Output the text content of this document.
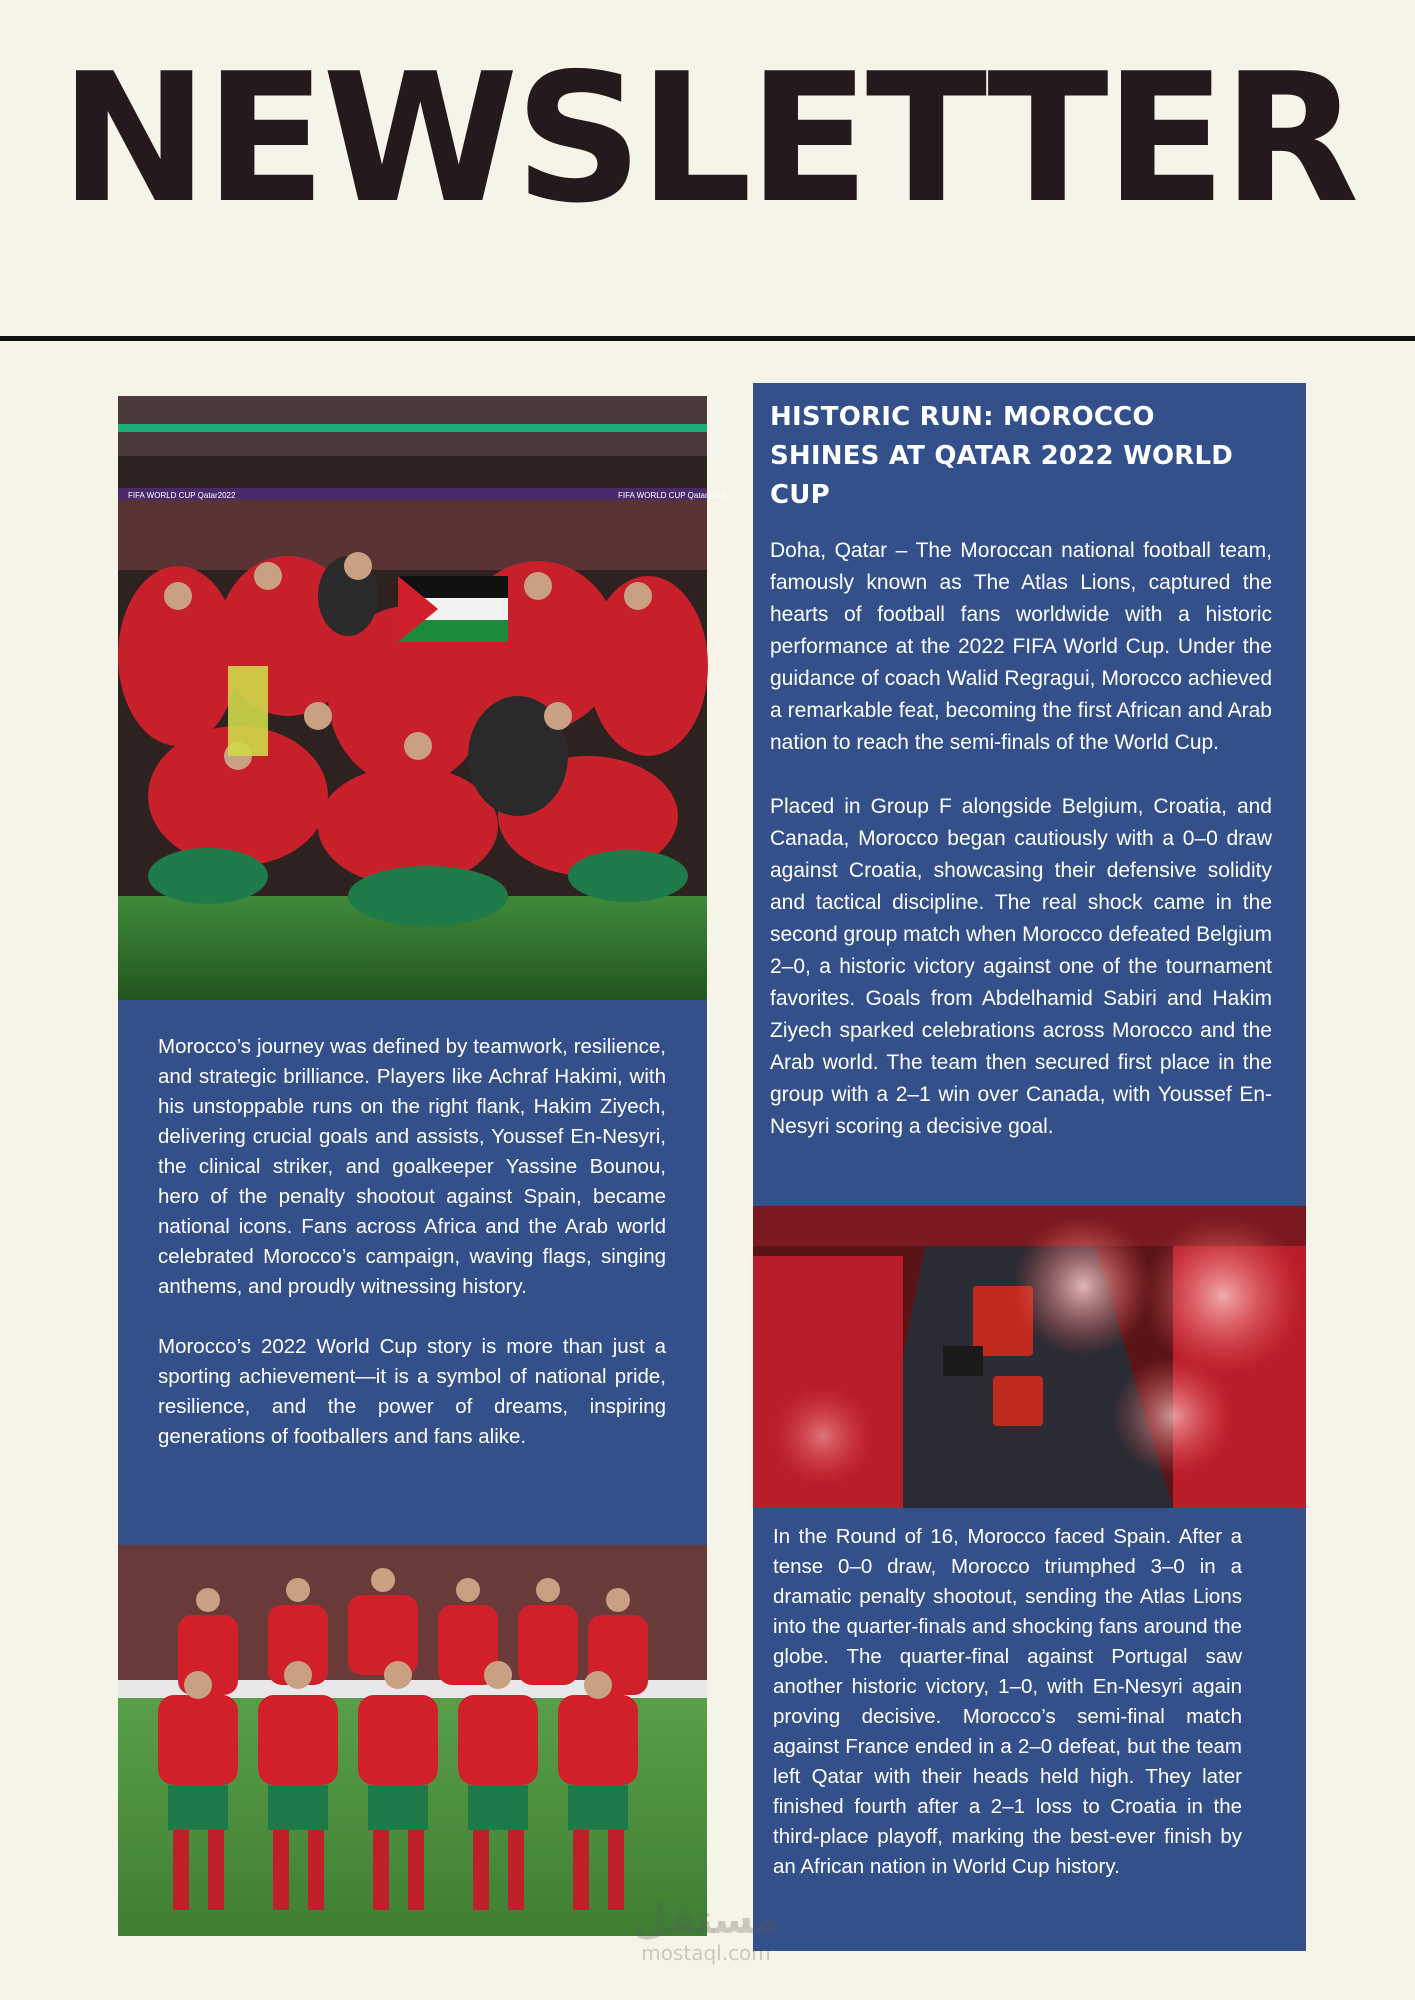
NEWSLETTER
FIFA WORLD CUP Qatar2022	FIFA WORLD CUP Qatar2022

Morocco’s journey was defined by teamwork, resilience, and strategic brilliance. Players like Achraf Hakimi, with his unstoppable runs on the right flank, Hakim Ziyech, delivering crucial goals and assists, Youssef En-Nesyri, the clinical striker, and goalkeeper Yassine Bounou, hero of the penalty shootout against Spain, became national icons. Fans across Africa and the Arab world celebrated Morocco’s campaign, waving flags, singing anthems, and proudly witnessing history.

Morocco’s 2022 World Cup story is more than just a sporting achievement—it is a symbol of national pride, resilience, and the power of dreams, inspiring generations of footballers and fans alike.

HISTORIC RUN: MOROCCO SHINES AT QATAR 2022 WORLD CUP

Doha, Qatar – The Moroccan national football team, famously known as The Atlas Lions, captured the hearts of football fans worldwide with a historic performance at the 2022 FIFA World Cup. Under the guidance of coach Walid Regragui, Morocco achieved a remarkable feat, becoming the first African and Arab nation to reach the semi-finals of the World Cup.

Placed in Group F alongside Belgium, Croatia, and Canada, Morocco began cautiously with a 0–0 draw against Croatia, showcasing their defensive solidity and tactical discipline. The real shock came in the second group match when Morocco defeated Belgium 2–0, a historic victory against one of the tournament favorites. Goals from Abdelhamid Sabiri and Hakim Ziyech sparked celebrations across Morocco and the Arab world. The team then secured first place in the group with a 2–1 win over Canada, with Youssef En-Nesyri scoring a decisive goal.

In the Round of 16, Morocco faced Spain. After a tense 0–0 draw, Morocco triumphed 3–0 in a dramatic penalty shootout, sending the Atlas Lions into the quarter-finals and shocking fans around the globe. The quarter-final against Portugal saw another historic victory, 1–0, with En-Nesyri again proving decisive. Morocco’s semi-final match against France ended in a 2–0 defeat, but the team left Qatar with their heads held high. They later finished fourth after a 2–1 loss to Croatia in the third-place playoff, marking the best-ever finish by an African nation in World Cup history.

مستقل
mostaql.com
